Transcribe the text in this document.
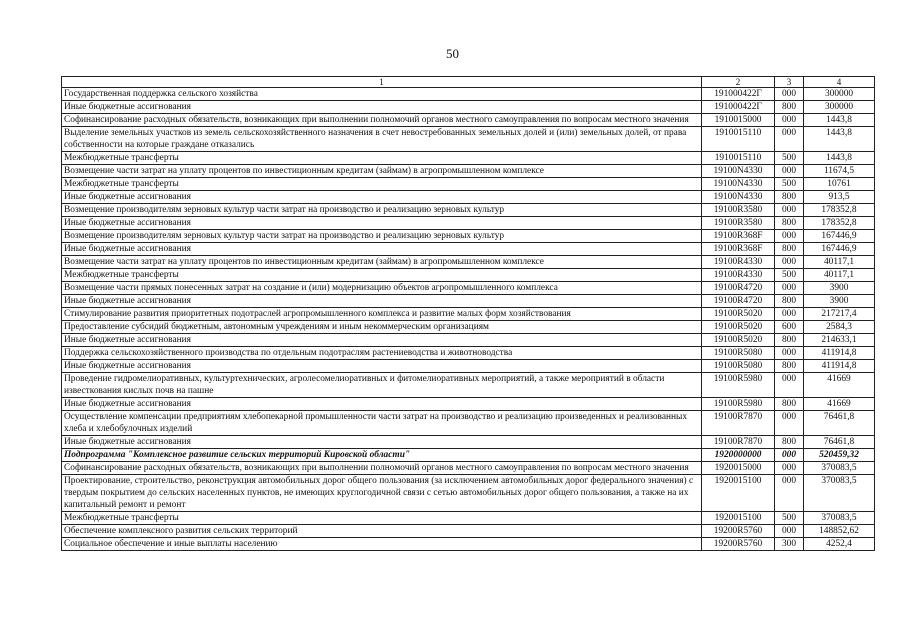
50
1	2	3	4
Государственная поддержка сельского хозяйства	191000422Г	000	300000
Иные бюджетные ассигнования	191000422Г	800	300000
Софинансирование расходных обязательств, возникающих при выполнении полномочий органов местного самоуправления по вопросам местного значения	1910015000	000	1443,8
Выделение земельных участков из земель сельскохозяйственного назначения в счет невостребованных земельных долей и (или) земельных долей, от права собственности на которые граждане отказались	1910015110	000	1443,8
Межбюджетные трансферты	1910015110	500	1443,8
Возмещение части затрат на уплату процентов по инвестиционным кредитам (займам) в агропромышленном комплексе	19100N4330	000	11674,5
Межбюджетные трансферты	19100N4330	500	10761
Иные бюджетные ассигнования	19100N4330	800	913,5
Возмещение производителям зерновых культур части затрат на производство и реализацию зерновых культур	19100R3580	000	178352,8
Иные бюджетные ассигнования	19100R3580	800	178352,8
Возмещение производителям зерновых культур части затрат на производство и реализацию зерновых культур	19100R368F	000	167446,9
Иные бюджетные ассигнования	19100R368F	800	167446,9
Возмещение части затрат на уплату процентов по инвестиционным кредитам (займам) в агропромышленном комплексе	19100R4330	000	40117,1
Межбюджетные трансферты	19100R4330	500	40117,1
Возмещение части прямых понесенных затрат на создание и (или) модернизацию объектов агропромышленного комплекса	19100R4720	000	3900
Иные бюджетные ассигнования	19100R4720	800	3900
Стимулирование развития приоритетных подотраслей агропромышленного комплекса и развитие малых форм хозяйствования	19100R5020	000	217217,4
Предоставление субсидий бюджетным, автономным учреждениям и иным некоммерческим организациям	19100R5020	600	2584,3
Иные бюджетные ассигнования	19100R5020	800	214633,1
Поддержка сельскохозяйственного производства по отдельным подотраслям растениеводства и животноводства	19100R5080	000	411914,8
Иные бюджетные ассигнования	19100R5080	800	411914,8
Проведение гидромелиоративных, культуртехнических, агролесомелиоративных и фитомелиоративных мероприятий, а также мероприятий в области известкования кислых почв на пашне	19100R5980	000	41669
Иные бюджетные ассигнования	19100R5980	800	41669
Осуществление компенсации предприятиям хлебопекарной промышленности части затрат на производство и реализацию произведенных и реализованных хлеба и хлебобулочных изделий	19100R7870	000	76461,8
Иные бюджетные ассигнования	19100R7870	800	76461,8
Подпрограмма "Комплексное развитие сельских территорий Кировской области"	1920000000	000	520459,32
Софинансирование расходных обязательств, возникающих при выполнении полномочий органов местного самоуправления по вопросам местного значения	1920015000	000	370083,5
Проектирование, строительство, реконструкция автомобильных дорог общего пользования (за исключением автомобильных дорог федерального значения) с твердым покрытием до сельских населенных пунктов, не имеющих круглогодичной связи с сетью автомобильных дорог общего пользования, а также на их капитальный ремонт и ремонт	1920015100	000	370083,5
Межбюджетные трансферты	1920015100	500	370083,5
Обеспечение комплексного развития сельских территорий	19200R5760	000	148852,62
Социальное обеспечение и иные выплаты населению	19200R5760	300	4252,4
